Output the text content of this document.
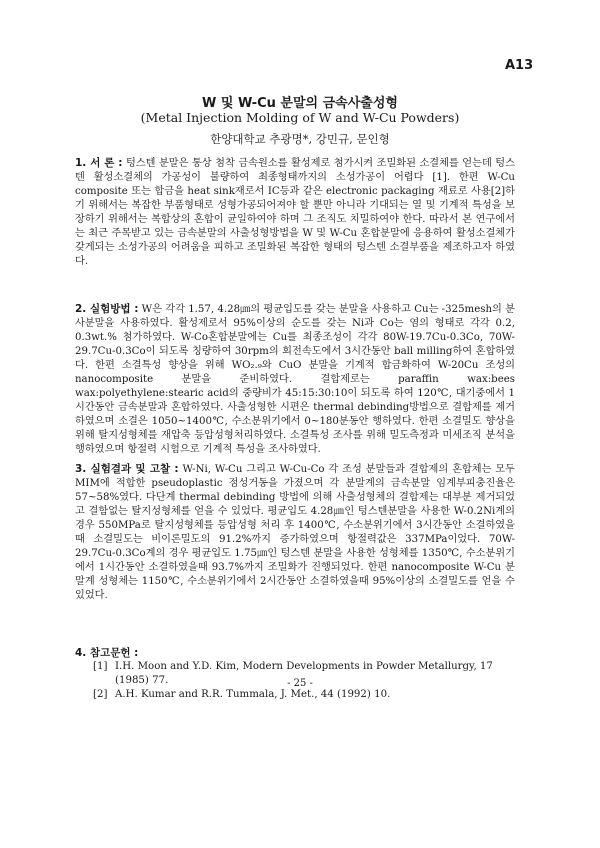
A13
W 및 W-Cu 분말의 금속사출성형
(Metal Injection Molding of W and W-Cu Powders)
한양대학교 추광명*, 강민규, 문인형

1. 서 론 : 텅스텐 분말은 통상 첨착 금속원소를 활성제로 첨가시켜 조밀화된 소결체를 얻는데 텅스텐 활성소결체의 가공성이 불량하여 최종형태까지의 소성가공이 어렵다 [1]. 한편 W-Cu composite 또는 합금을 heat sink재로서 IC등과 같은 electronic packaging 재료로 사용[2]하기 위해서는 복잡한 부품형태로 성형가공되어져야 할 뿐만 아니라 기대되는 열 및 기계적 특성을 보장하기 위해서는 복합상의 혼합이 균일하여야 하며 그 조직도 치밀하여야 한다. 따라서 본 연구에서는 최근 주목받고 있는 금속분말의 사출성형방법을 W 및 W-Cu 혼합분말에 응용하여 활성소결체가 갖게되는 소성가공의 어려움을 피하고 조밀화된 복잡한 형태의 텅스텐 소결부품을 제조하고자 하였다.

2. 실험방법 : W은 각각 1.57, 4.28㎛의 평균입도를 갖는 분말을 사용하고 Cu는 -325mesh의 분사분말을 사용하였다. 활성제로서 95%이상의 순도를 갖는 Ni과 Co는 염의 형태로 각각 0.2, 0.3wt.% 첨가하였다. W-Co혼합분말에는 Cu를 최종조성이 각각 80W-19.7Cu-0.3Co, 70W-29.7Cu-0.3Co이 되도록 칭량하여 30rpm의 회전속도에서 3시간동안 ball milling하여 혼합하였다. 한편 소결특성 향상을 위해 WO₂.₉와 CuO 분말을 기계적 합금화하여 W-20Cu 조성의 nanocomposite 분말을 준비하였다. 결합제로는 paraffin wax:bees wax:polyethylene:stearic acid의 중량비가 45:15:30:10이 되도록 하여 120℃, 대기중에서 1시간동안 금속분말과 혼합하였다. 사출성형한 시편은 thermal debinding방법으로 결합제를 제거하였으며 소결은 1050~1400℃, 수소분위기에서 0~180분동안 행하였다. 한편 소결밀도 향상을 위해 탈지성형체를 재압축 등압성형처리하였다. 소결특성 조사를 위해 밀도측정과 미세조직 분석을 행하였으며 항절력 시험으로 기계적 특성을 조사하였다.

3. 실험결과 및 고찰 : W-Ni, W-Cu 그리고 W-Cu-Co 각 조성 분말들과 결합제의 혼합체는 모두 MIM에 적합한 pseudoplastic 점성거동을 가졌으며 각 분말계의 금속분말 임계부피충진율은 57~58%였다. 다단계 thermal debinding 방법에 의해 사출성형체의 결합제는 대부분 제거되었고 결함없는 탈지성형체를 얻을 수 있었다. 평균입도 4.28㎛인 텅스텐분말을 사용한 W-0.2Ni계의 경우 550MPa로 탈지성형체를 등압성형 처리 후 1400℃, 수소분위기에서 3시간동안 소결하였을때 소결밀도는 비이론밀도의 91.2%까지 증가하였으며 항절력값은 337MPa이었다. 70W-29.7Cu-0.3Co계의 경우 평균입도 1.75㎛인 텅스텐 분말을 사용한 성형체를 1350℃, 수소분위기에서 1시간동안 소결하였을때 93.7%까지 조밀화가 진행되었다. 한편 nanocomposite W-Cu 분말계 성형체는 1150℃, 수소분위기에서 2시간동안 소결하였을때 95%이상의 소결밀도를 얻을 수 있었다.

4. 참고문헌 :
[1] I.H. Moon and Y.D. Kim, Modern Developments in Powder Metallurgy, 17 (1985) 77.
[2] A.H. Kumar and R.R. Tummala, J. Met., 44 (1992) 10.
- 25 -
